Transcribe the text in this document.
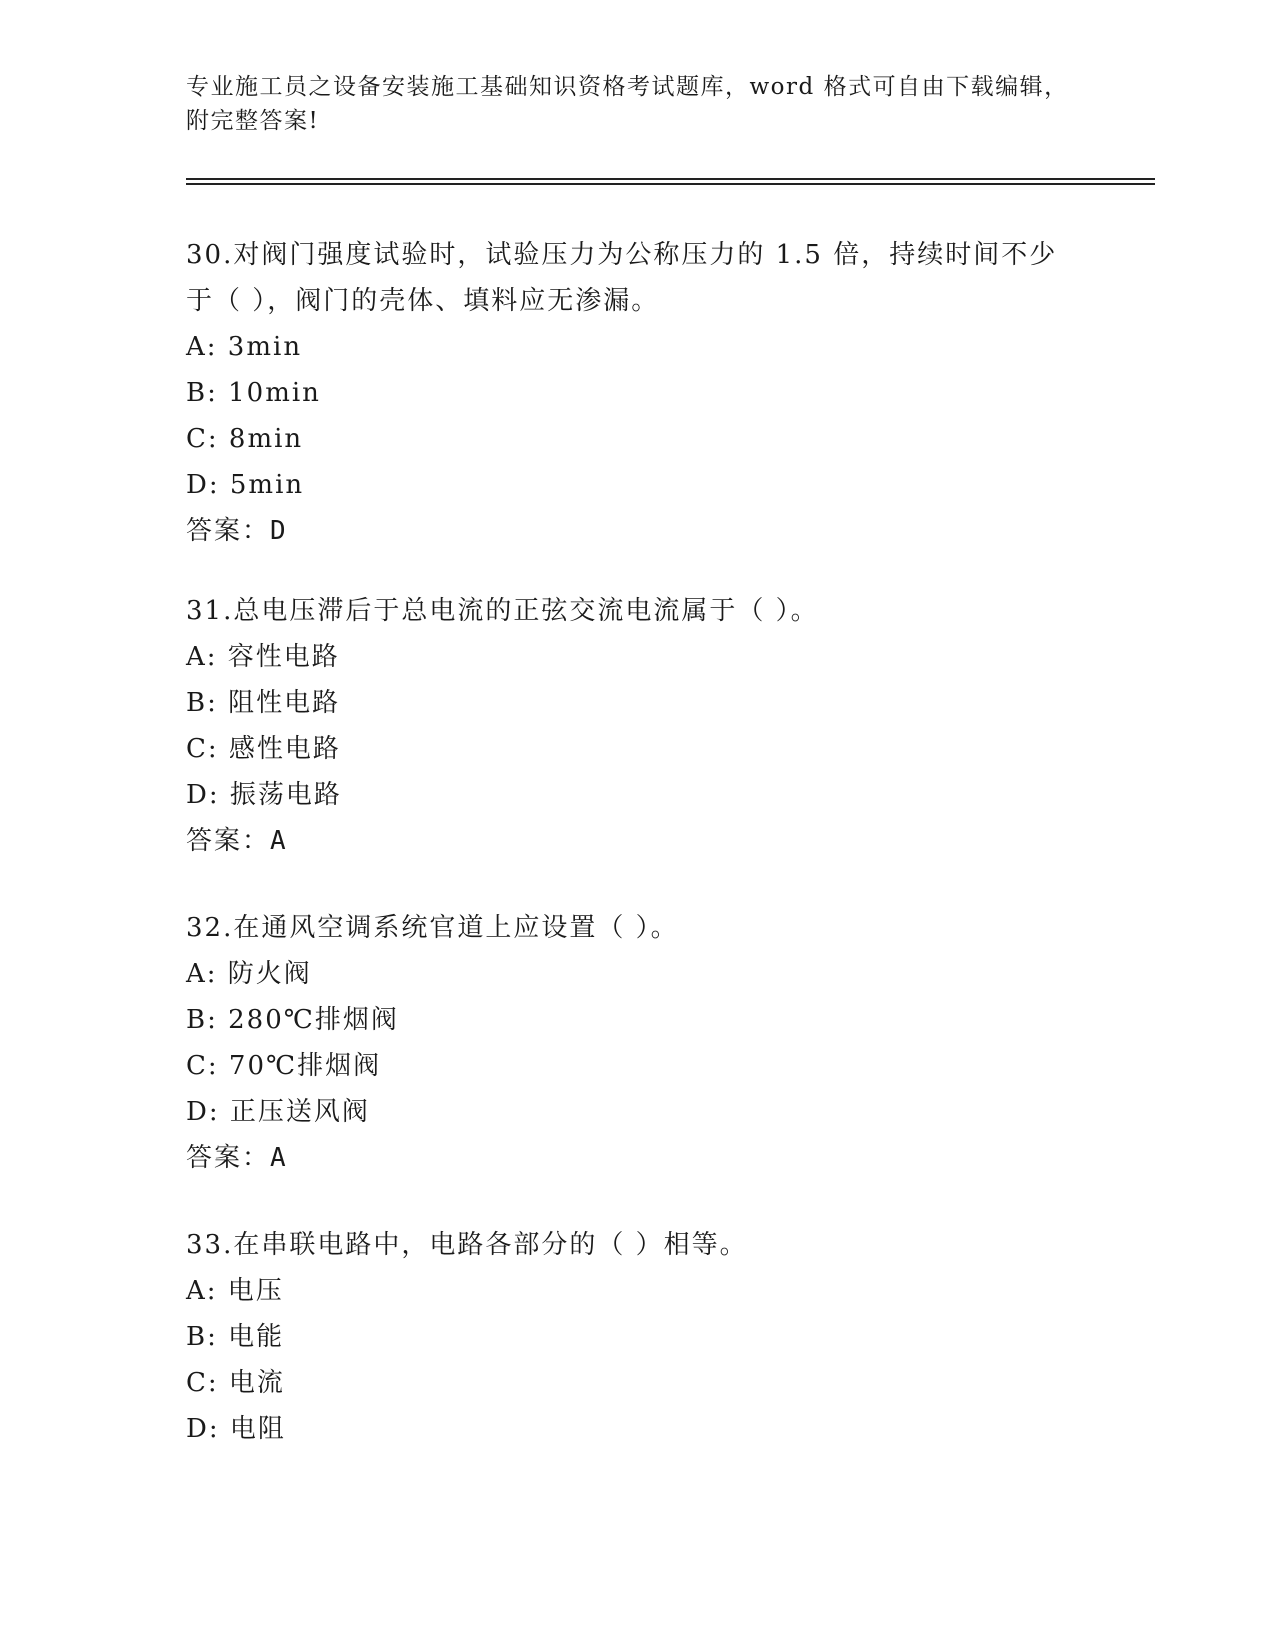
专业施工员之设备安装施工基础知识资格考试题库，word 格式可自由下载编辑，
附完整答案!
30.对阀门强度试验时，试验压力为公称压力的 1.5 倍，持续时间不少
于（ ），阀门的壳体、填料应无渗漏。
A: 3min
B: 10min
C: 8min
D: 5min
答案：D
31.总电压滞后于总电流的正弦交流电流属于（ ）。
A: 容性电路
B: 阻性电路
C: 感性电路
D: 振荡电路
答案：A
32.在通风空调系统官道上应设置（ ）。
A: 防火阀
B: 280℃排烟阀
C: 70℃排烟阀
D: 正压送风阀
答案：A
33.在串联电路中，电路各部分的（ ）相等。
A: 电压
B: 电能
C: 电流
D: 电阻
